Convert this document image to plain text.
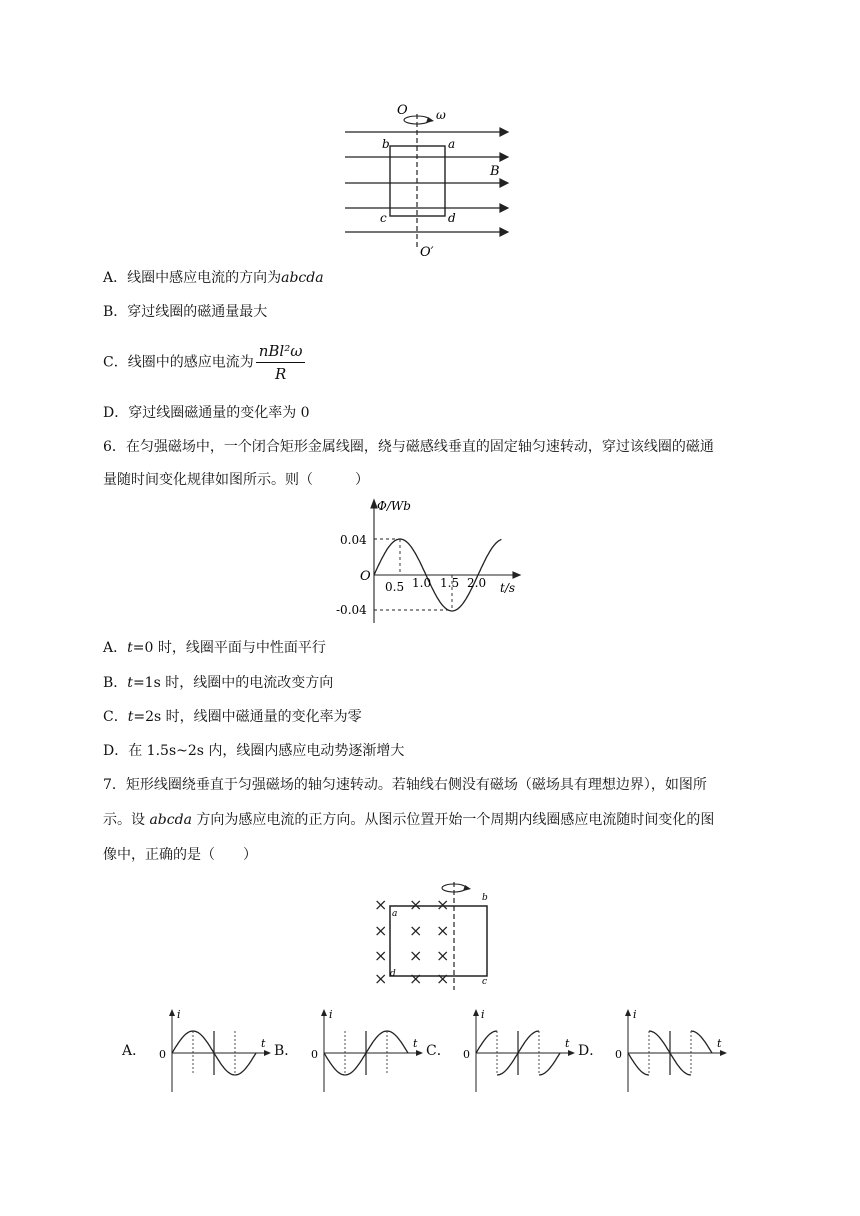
O ω
b	a
B
c	d
O′
A．线圈中感应电流的方向为abcda
B．穿过线圈的磁通量最大
C．线圈中的感应电流为 $\frac{\text{nBl²ω}}{R}$
D．穿过线圈磁通量的变化率为 0
6．在匀强磁场中，一个闭合矩形金属线圈，绕与磁感线垂直的固定轴匀速转动，穿过该线圈的磁通
量随时间变化规律如图所示。则（　　　）
Φ/Wb
t/s
O
0.04
-0.04
0.5 1.0 1.5 2.0
A．t=0 时，线圈平面与中性面平行
B．t=1s 时，线圈中的电流改变方向
C．t=2s 时，线圈中磁通量的变化率为零
D．在 1.5s~2s 内，线圈内感应电动势逐渐增大
7．矩形线圈绕垂直于匀强磁场的轴匀速转动。若轴线右侧没有磁场（磁场具有理想边界），如图所
示。设 abcda 方向为感应电流的正方向。从图示位置开始一个周期内线圈感应电流随时间变化的图
像中，正确的是（　　）
× × ×
× × ×
× × ×
× × ×
a
b
c
d
A．
i
t
0	B．
i
t
0	C．
i
t
0	D．
i
t
0
